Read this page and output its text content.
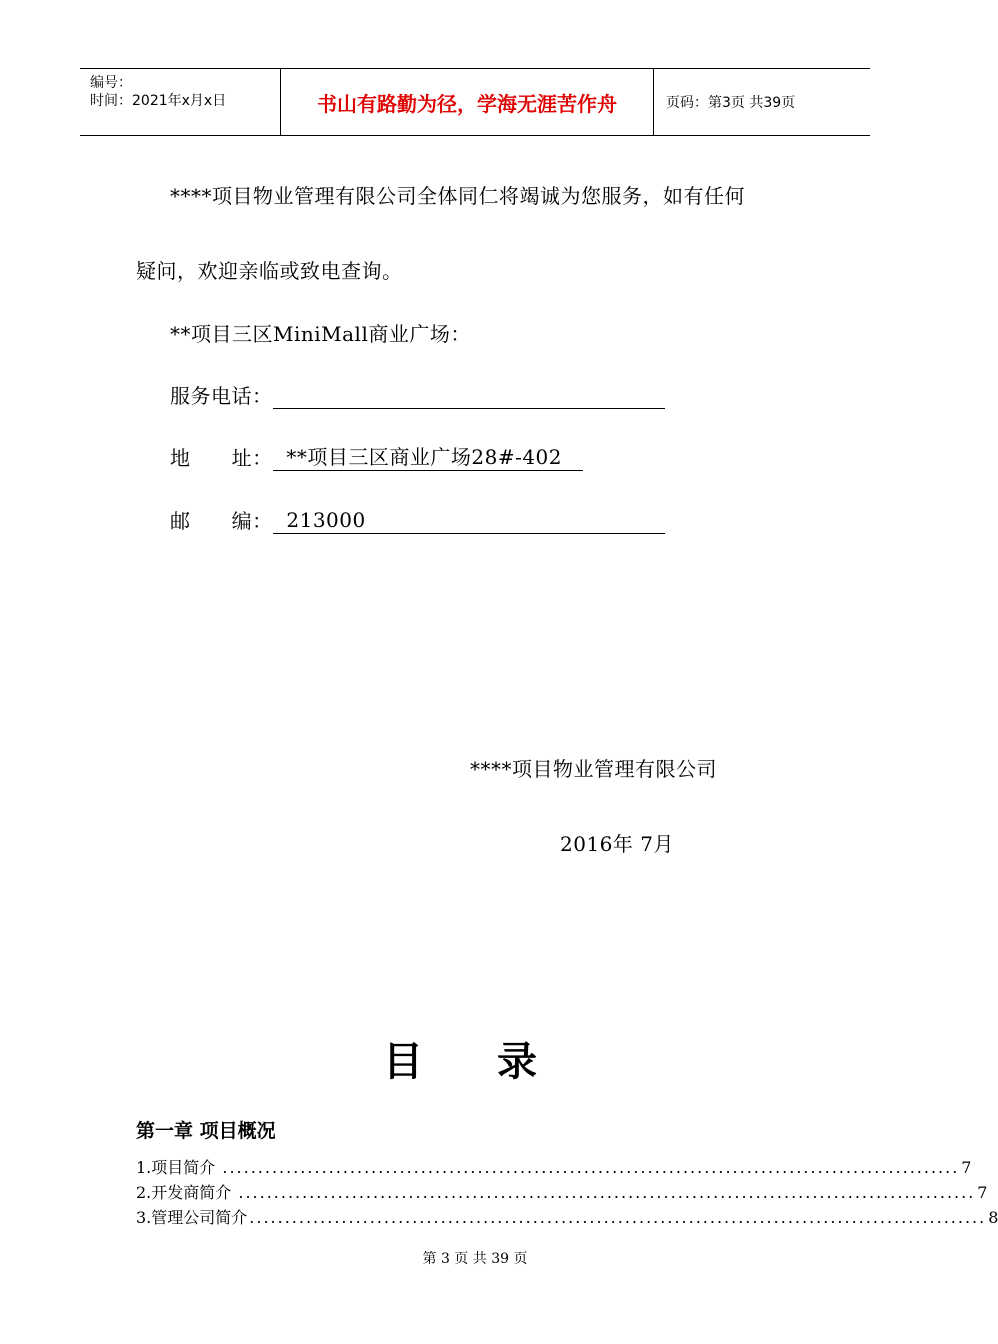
编号：
时间：2021年x月x日	书山有路勤为径，学海无涯苦作舟	页码：第3页 共39页
****项目物业管理有限公司全体同仁将竭诚为您服务，如有任何
疑问，欢迎亲临或致电查询。
**项目三区MiniMall商业广场：
服务电话：
地      址：  **项目三区商业广场28#-402
邮      编：  213000
****项目物业管理有限公司
2016年 7月
目 录
第一章 项目概况
1.项目简介 ........................................................................................................ 7
2.开发商简介 ........................................................................................................ 7
3.管理公司简介 ........................................................................................................ 8
第 3 页 共 39 页
